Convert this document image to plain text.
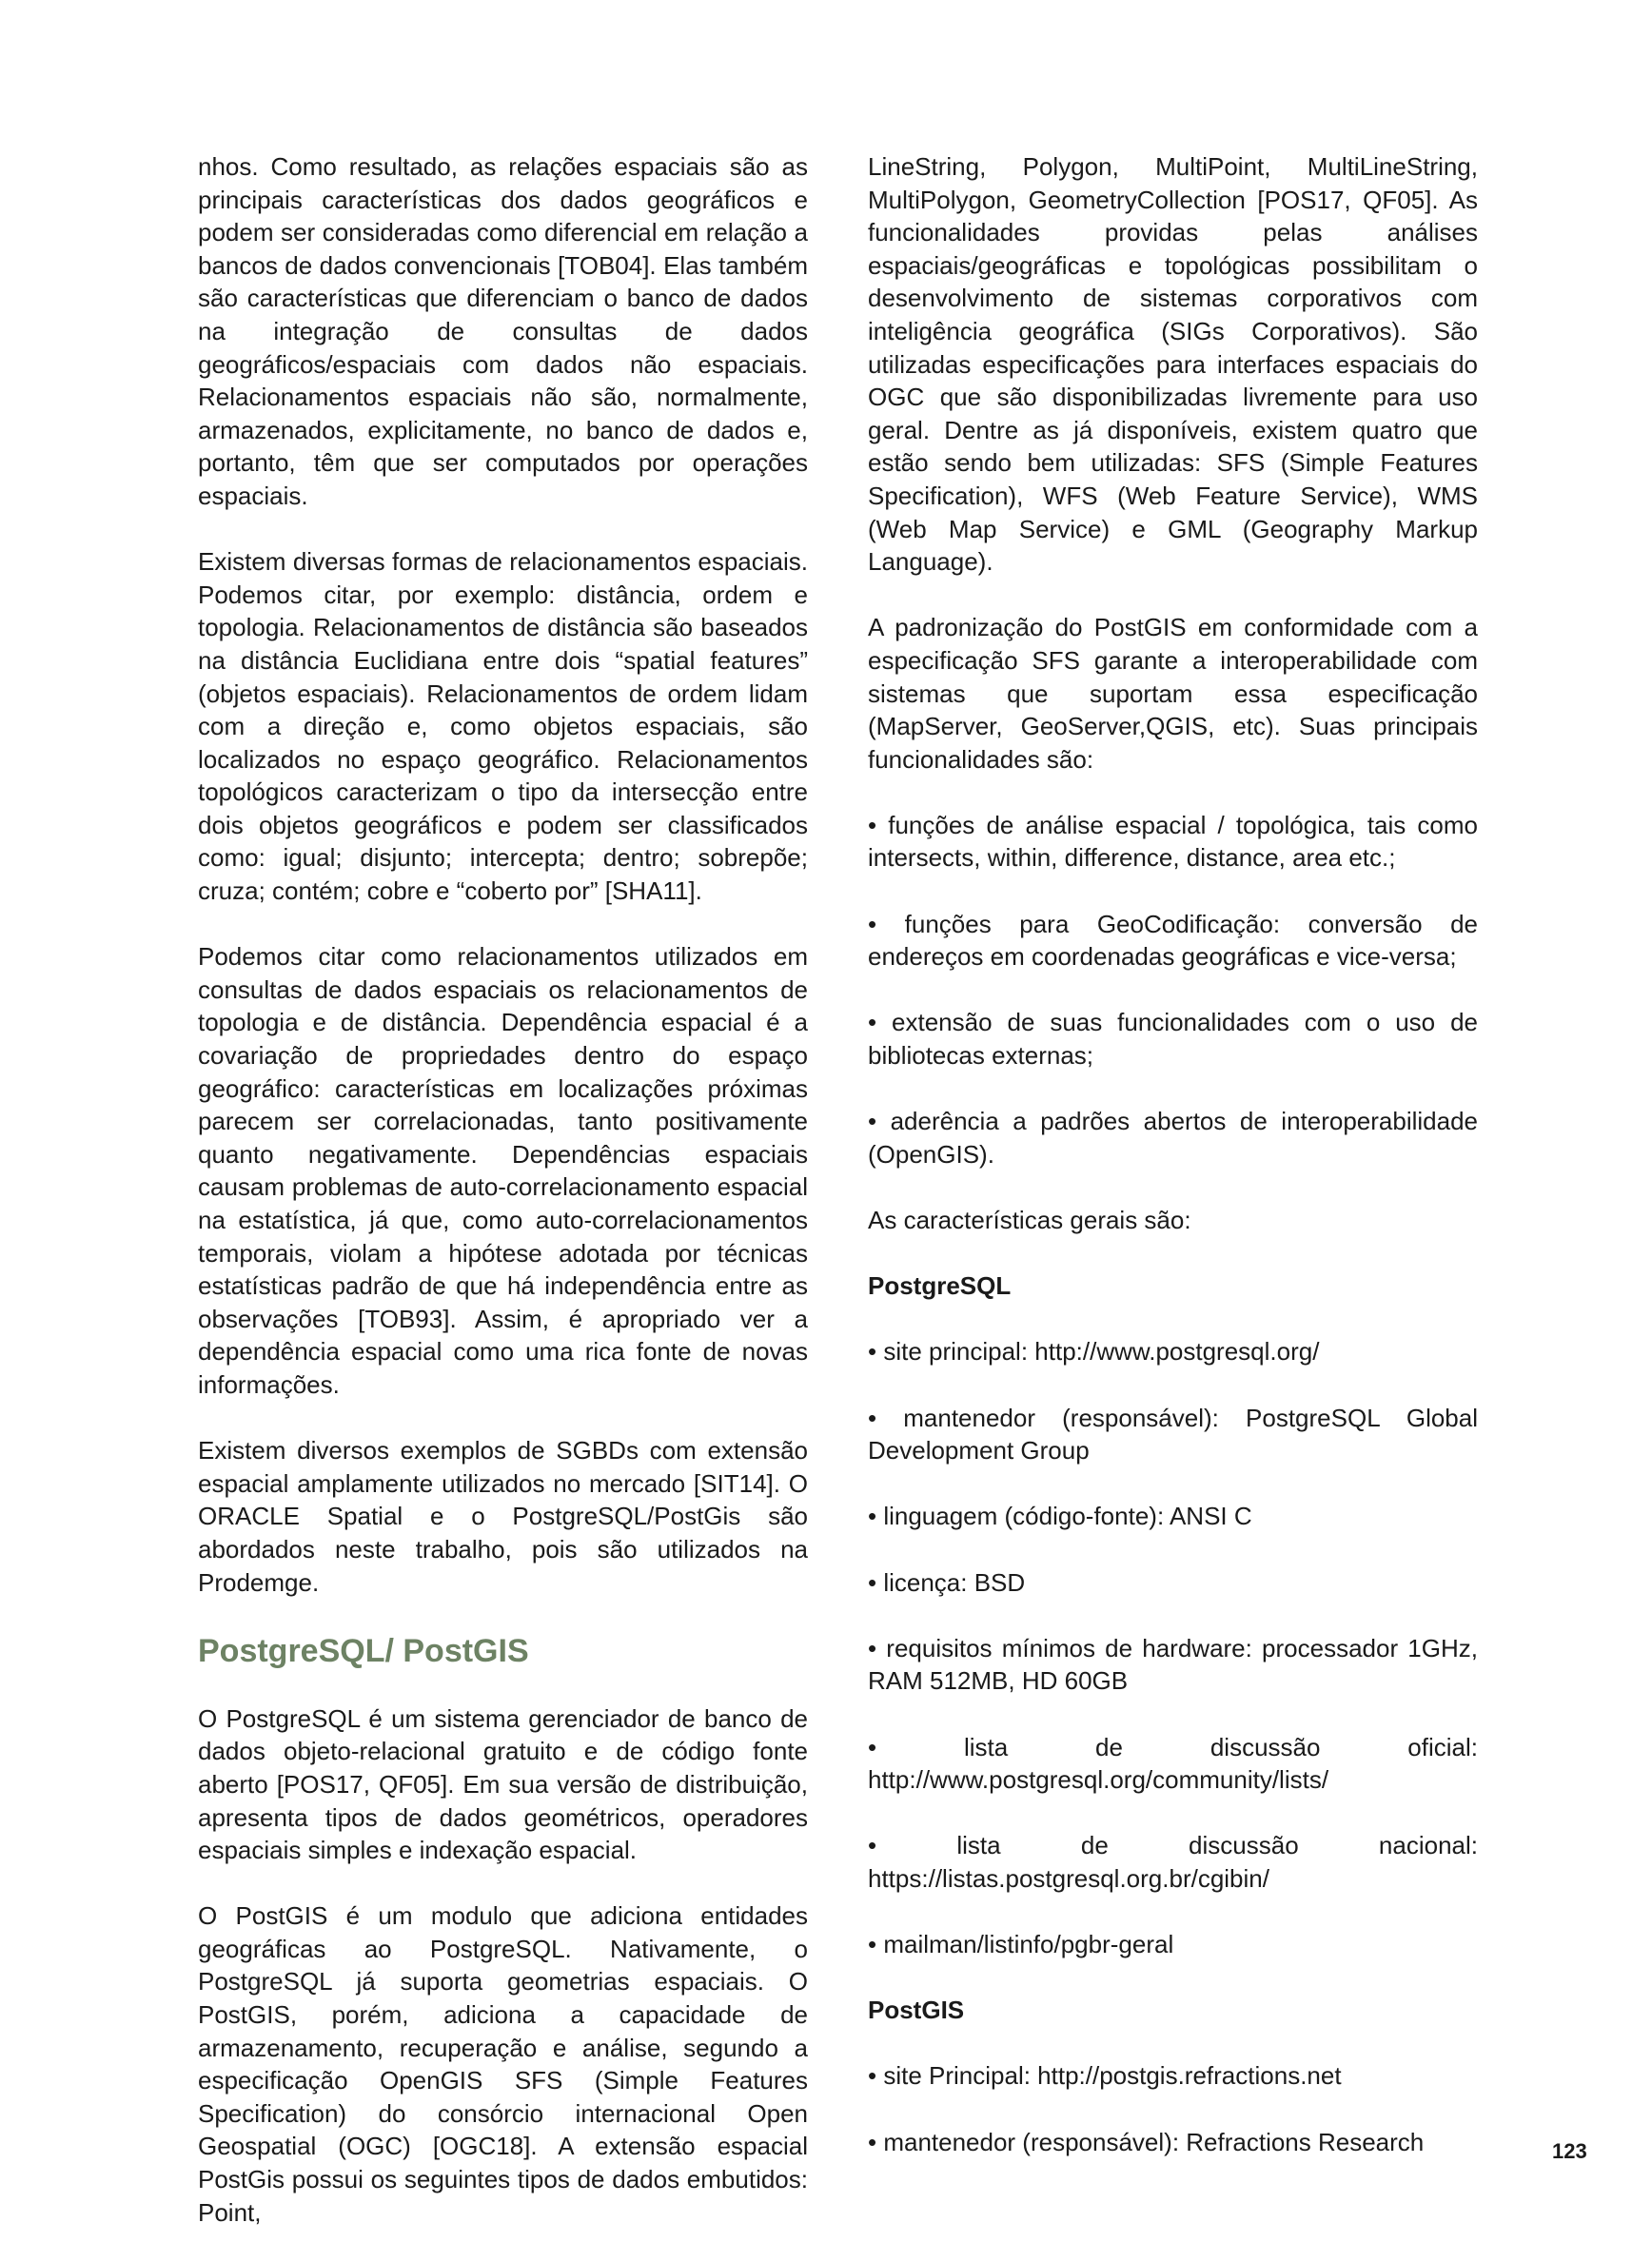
nhos. Como resultado, as relações espaciais são as principais características dos dados geográficos e podem ser consideradas como diferencial em relação a bancos de dados convencionais [TOB04]. Elas também são características que diferenciam o banco de dados na integração de consultas de dados geográficos/espaciais com dados não espaciais. Relacionamentos espaciais não são, normalmente, armazenados, explicitamente, no banco de dados e, portanto, têm que ser computados por operações espaciais.

Existem diversas formas de relacionamentos espaciais. Podemos citar, por exemplo: distância, ordem e topologia. Relacionamentos de distância são baseados na distância Euclidiana entre dois “spatial features” (objetos espaciais). Relacionamentos de ordem lidam com a direção e, como objetos espaciais, são localizados no espaço geográfico. Relacionamentos topológicos caracterizam o tipo da intersecção entre dois objetos geográficos e podem ser classificados como: igual; disjunto; intercepta; dentro; sobrepõe; cruza; contém; cobre e “coberto por” [SHA11].

Podemos citar como relacionamentos utilizados em consultas de dados espaciais os relacionamentos de topologia e de distância. Dependência espacial é a covariação de propriedades dentro do espaço geográfico: características em localizações próximas parecem ser correlacionadas, tanto positivamente quanto negativamente. Dependências espaciais causam problemas de auto-correlacionamento espacial na estatística, já que, como auto-correlacionamentos temporais, violam a hipótese adotada por técnicas estatísticas padrão de que há independência entre as observações [TOB93]. Assim, é apropriado ver a dependência espacial como uma rica fonte de novas informações.

Existem diversos exemplos de SGBDs com extensão espacial amplamente utilizados no mercado [SIT14]. O ORACLE Spatial e o PostgreSQL/PostGis são abordados neste trabalho, pois são utilizados na Prodemge.

PostgreSQL/ PostGIS

O PostgreSQL é um sistema gerenciador de banco de dados objeto-relacional gratuito e de código fonte aberto [POS17, QF05]. Em sua versão de distribuição, apresenta tipos de dados geométricos, operadores espaciais simples e indexação espacial.

O PostGIS é um modulo que adiciona entidades geográficas ao PostgreSQL. Nativamente, o PostgreSQL já suporta geometrias espaciais. O PostGIS, porém, adiciona a capacidade de armazenamento, recuperação e análise, segundo a especificação OpenGIS SFS (Simple Features Specification) do consórcio internacional Open Geospatial (OGC) [OGC18]. A extensão espacial PostGis possui os seguintes tipos de dados embutidos: Point,

LineString, Polygon, MultiPoint, MultiLineString, MultiPolygon, GeometryCollection [POS17, QF05]. As funcionalidades providas pelas análises espaciais/geográficas e topológicas possibilitam o desenvolvimento de sistemas corporativos com inteligência geográfica (SIGs Corporativos). São utilizadas especificações para interfaces espaciais do OGC que são disponibilizadas livremente para uso geral. Dentre as já disponíveis, existem quatro que estão sendo bem utilizadas: SFS (Simple Features Specification), WFS (Web Feature Service), WMS (Web Map Service) e GML (Geography Markup Language).

A padronização do PostGIS em conformidade com a especificação SFS garante a interoperabilidade com sistemas que suportam essa especificação (MapServer, GeoServer,QGIS, etc). Suas principais funcionalidades são:

• funções de análise espacial / topológica, tais como intersects, within, difference, distance, area etc.;

• funções para GeoCodificação: conversão de endereços em coordenadas geográficas e vice-versa;

• extensão de suas funcionalidades com o uso de bibliotecas externas;

• aderência a padrões abertos de interoperabilidade (OpenGIS).

As características gerais são:

PostgreSQL

• site principal: http://www.postgresql.org/

• mantenedor (responsável): PostgreSQL Global Development Group

• linguagem (código-fonte): ANSI C

• licença: BSD

• requisitos mínimos de hardware: processador 1GHz, RAM 512MB, HD 60GB

• lista de discussão oficial: http://www.postgresql.org/community/lists/

• lista de discussão nacional: https://listas.postgresql.org.br/cgibin/

• mailman/listinfo/pgbr-geral

PostGIS

• site Principal: http://postgis.refractions.net

• mantenedor (responsável): Refractions Research	123
